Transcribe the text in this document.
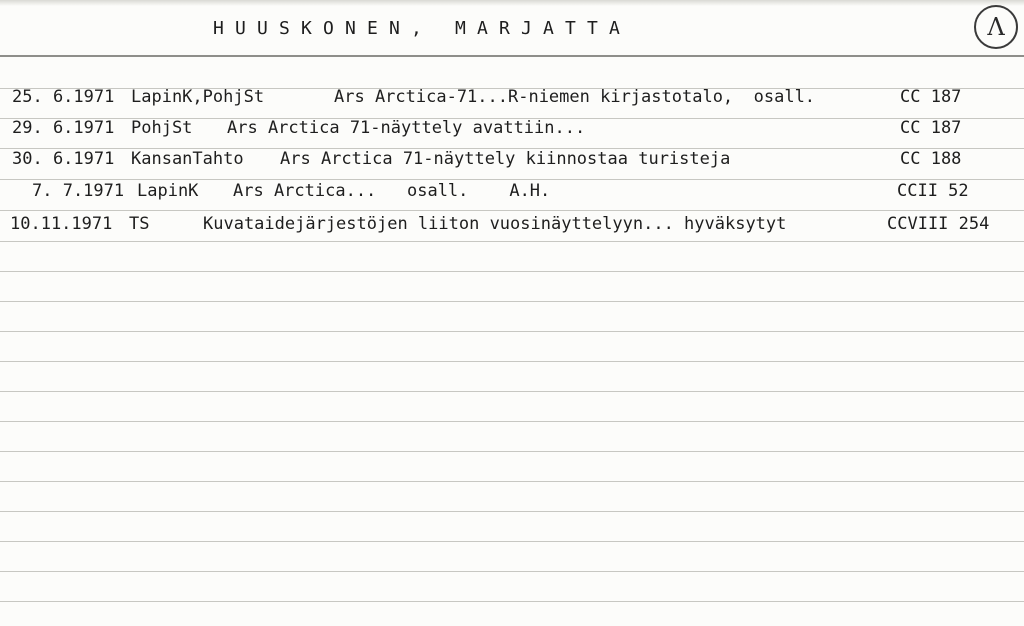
HUUSKONEN, MARJATTA	Λ
25. 6.1971 LapinK,PohjSt	Ars Arctica-71...R-niemen kirjastotalo,  osall.	CC 187
29. 6.1971 PohjSt Ars Arctica 71-näyttely avattiin...	CC 187
30. 6.1971 KansanTahto Ars Arctica 71-näyttely kiinnostaa turisteja	CC 188
7. 7.1971 LapinK Ars Arctica...   osall.    A.H.	CCII 52
10.11.1971 TS	Kuvataidejärjestöjen liiton vuosinäyttelyyn... hyväksytyt	CCVIII 254
